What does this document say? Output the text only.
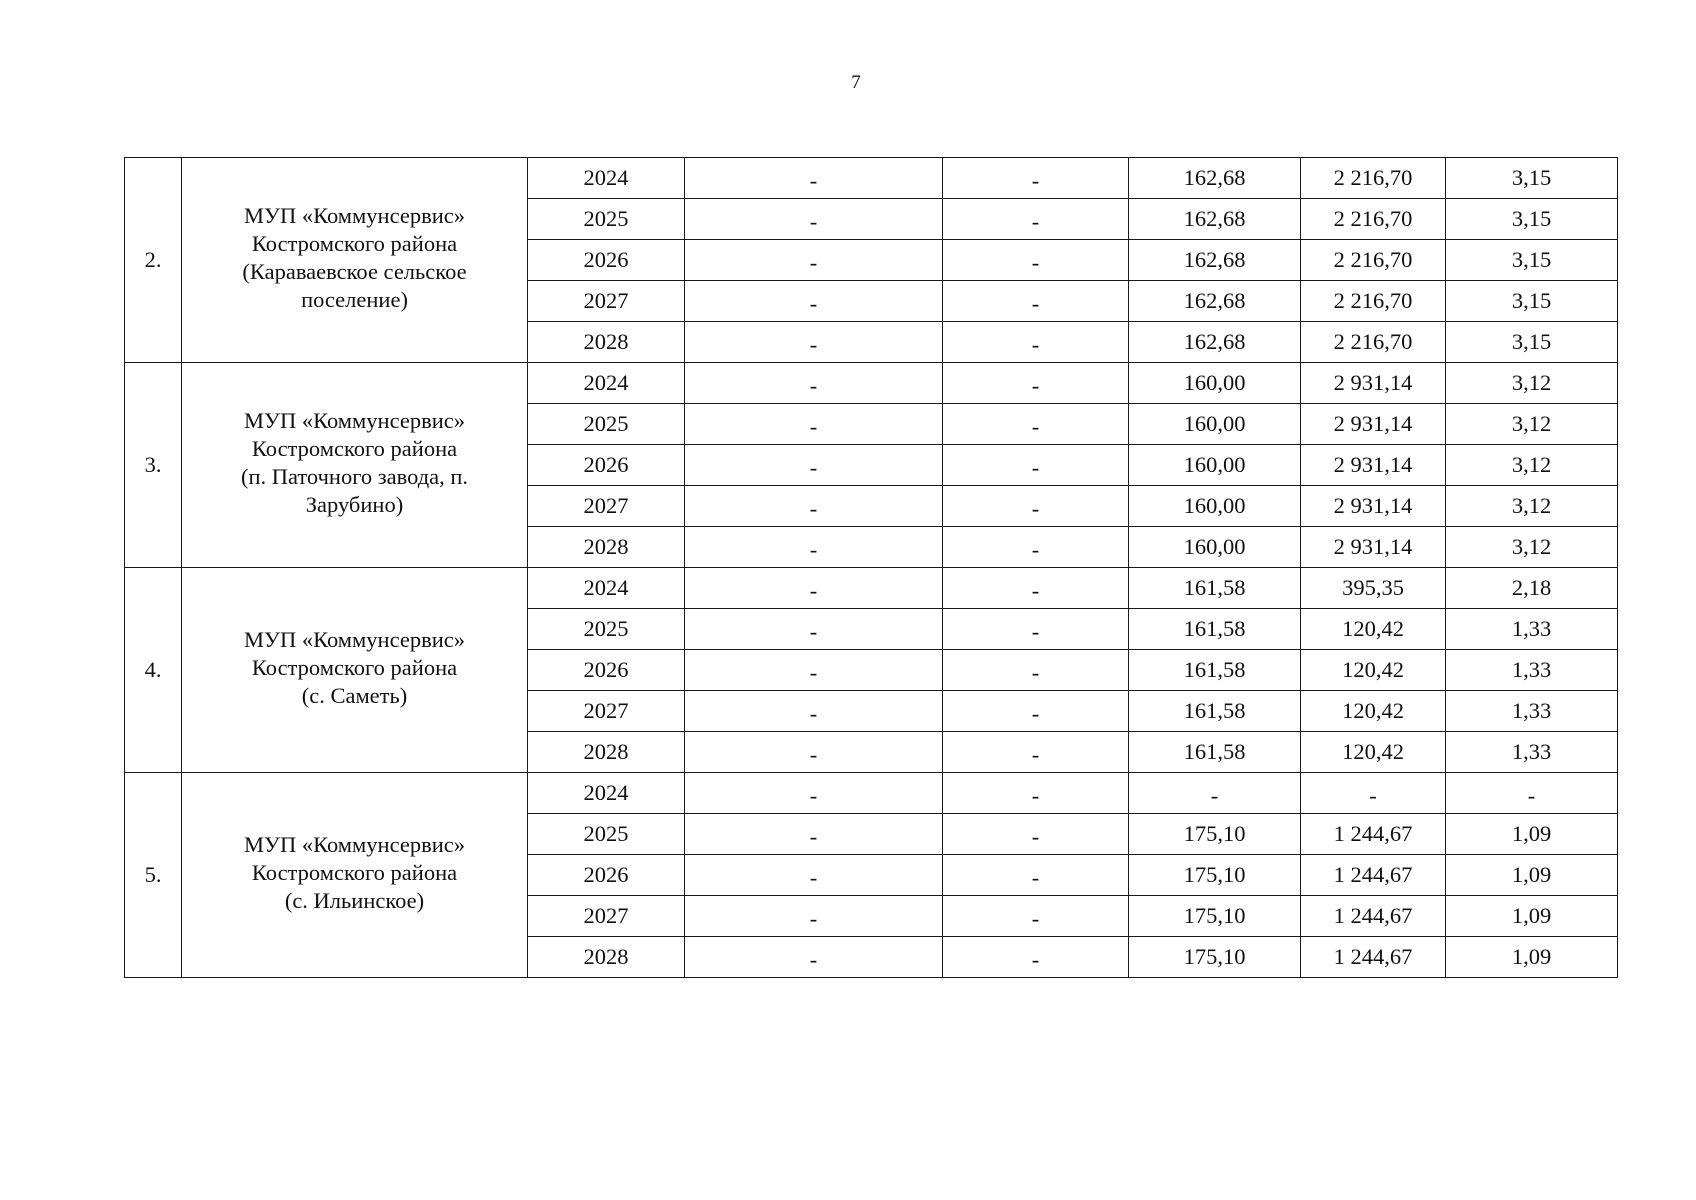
7
2.	МУП «Коммунсервис»
Костромского района
(Караваевское сельское
поселение)	2024	-	-	162,68	2 216,70	3,15
		2025	-	-	162,68	2 216,70	3,15
		2026	-	-	162,68	2 216,70	3,15
		2027	-	-	162,68	2 216,70	3,15
		2028	-	-	162,68	2 216,70	3,15
3.	МУП «Коммунсервис»
Костромского района
(п. Паточного завода, п.
Зарубино)	2024	-	-	160,00	2 931,14	3,12
		2025	-	-	160,00	2 931,14	3,12
		2026	-	-	160,00	2 931,14	3,12
		2027	-	-	160,00	2 931,14	3,12
		2028	-	-	160,00	2 931,14	3,12
4.	МУП «Коммунсервис»
Костромского района
(с. Саметь)	2024	-	-	161,58	395,35	2,18
		2025	-	-	161,58	120,42	1,33
		2026	-	-	161,58	120,42	1,33
		2027	-	-	161,58	120,42	1,33
		2028	-	-	161,58	120,42	1,33
5.	МУП «Коммунсервис»
Костромского района
(с. Ильинское)	2024	-	-	-	-	-
		2025	-	-	175,10	1 244,67	1,09
		2026	-	-	175,10	1 244,67	1,09
		2027	-	-	175,10	1 244,67	1,09
		2028	-	-	175,10	1 244,67	1,09
